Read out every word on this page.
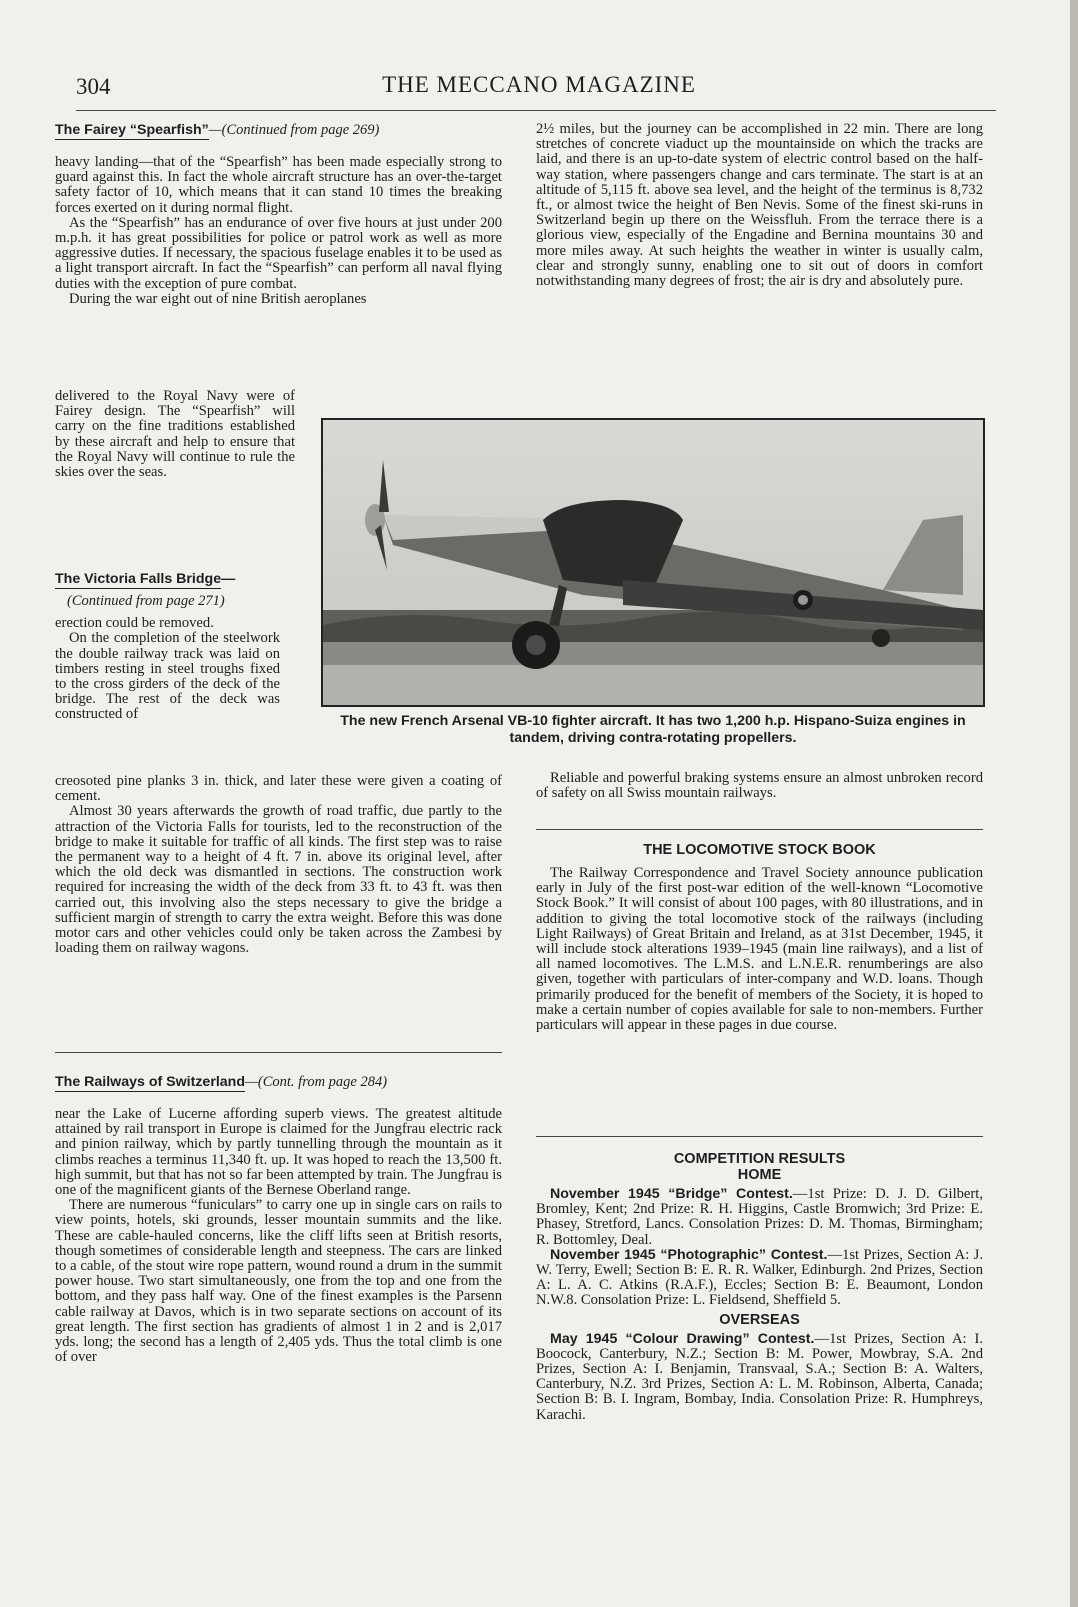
304	THE MECCANO MAGAZINE
The Fairey “Spearfish”—(Continued from page 269)

heavy landing—that of the “Spearfish” has been made especially strong to guard against this. In fact the whole aircraft structure has an over-the-target safety factor of 10, which means that it can stand 10 times the breaking forces exerted on it during normal flight.

As the “Spearfish” has an endurance of over five hours at just under 200 m.p.h. it has great possibilities for police or patrol work as well as more aggressive duties. If necessary, the spacious fuselage enables it to be used as a light transport aircraft. In fact the “Spearfish” can perform all naval flying duties with the exception of pure combat.

During the war eight out of nine British aeroplanes

delivered to the Royal Navy were of Fairey design. The “Spearfish” will carry on the fine traditions established by these aircraft and help to ensure that the Royal Navy will continue to rule the skies over the seas.

The Victoria Falls Bridge—
(Continued from page 271)

erection could be removed.

On the completion of the steelwork the double railway track was laid on timbers resting in steel troughs fixed to the cross girders of the deck of the bridge. The rest of the deck was constructed of

creosoted pine planks 3 in. thick, and later these were given a coating of cement.

Almost 30 years afterwards the growth of road traffic, due partly to the attraction of the Victoria Falls for tourists, led to the reconstruction of the bridge to make it suitable for traffic of all kinds. The first step was to raise the permanent way to a height of 4 ft. 7 in. above its original level, after which the old deck was dismantled in sections. The construction work required for increasing the width of the deck from 33 ft. to 43 ft. was then carried out, this involving also the steps necessary to give the bridge a sufficient margin of strength to carry the extra weight. Before this was done motor cars and other vehicles could only be taken across the Zambesi by loading them on railway wagons.

The Railways of Switzerland—(Cont. from page 284)

near the Lake of Lucerne affording superb views. The greatest altitude attained by rail transport in Europe is claimed for the Jungfrau electric rack and pinion railway, which by partly tunnelling through the mountain as it climbs reaches a terminus 11,340 ft. up. It was hoped to reach the 13,500 ft. high summit, but that has not so far been attempted by train. The Jungfrau is one of the magnificent giants of the Bernese Oberland range.

There are numerous “funiculars” to carry one up in single cars on rails to view points, hotels, ski grounds, lesser mountain summits and the like. These are cable-hauled concerns, like the cliff lifts seen at British resorts, though sometimes of considerable length and steepness. The cars are linked to a cable, of the stout wire rope pattern, wound round a drum in the summit power house. Two start simultaneously, one from the top and one from the bottom, and they pass half way. One of the finest examples is the Parsenn cable railway at Davos, which is in two separate sections on account of its great length. The first section has gradients of almost 1 in 2 and is 2,017 yds. long; the second has a length of 2,405 yds. Thus the total climb is one of over

2½ miles, but the journey can be accomplished in 22 min. There are long stretches of concrete viaduct up the mountainside on which the tracks are laid, and there is an up-to-date system of electric control based on the half-way station, where passengers change and cars terminate. The start is at an altitude of 5,115 ft. above sea level, and the height of the terminus is 8,732 ft., or almost twice the height of Ben Nevis. Some of the finest ski-runs in Switzerland begin up there on the Weissfluh. From the terrace there is a glorious view, especially of the Engadine and Bernina mountains 30 and more miles away. At such heights the weather in winter is usually calm, clear and strongly sunny, enabling one to sit out of doors in comfort notwithstanding many degrees of frost; the air is dry and absolutely pure.

The new French Arsenal VB-10 fighter aircraft. It has two 1,200 h.p. Hispano-Suiza engines in tandem, driving contra-rotating propellers.

Reliable and powerful braking systems ensure an almost unbroken record of safety on all Swiss mountain railways.

THE LOCOMOTIVE STOCK BOOK

The Railway Correspondence and Travel Society announce publication early in July of the first post-war edition of the well-known “Locomotive Stock Book.” It will consist of about 100 pages, with 80 illustrations, and in addition to giving the total locomotive stock of the railways (including Light Railways) of Great Britain and Ireland, as at 31st December, 1945, it will include stock alterations 1939–1945 (main line railways), and a list of all named locomotives. The L.M.S. and L.N.E.R. renumberings are also given, together with particulars of inter-company and W.D. loans. Though primarily produced for the benefit of members of the Society, it is hoped to make a certain number of copies available for sale to non-members. Further particulars will appear in these pages in due course.

COMPETITION RESULTS
HOME

November 1945 “Bridge” Contest.—1st Prize: D. J. D. Gilbert, Bromley, Kent; 2nd Prize: R. H. Higgins, Castle Bromwich; 3rd Prize: E. Phasey, Stretford, Lancs. Consolation Prizes: D. M. Thomas, Birmingham; R. Bottomley, Deal.

November 1945 “Photographic” Contest.—1st Prizes, Section A: J. W. Terry, Ewell; Section B: E. R. R. Walker, Edinburgh. 2nd Prizes, Section A: L. A. C. Atkins (R.A.F.), Eccles; Section B: E. Beaumont, London N.W.8. Consolation Prize: L. Fieldsend, Sheffield 5.

OVERSEAS

May 1945 “Colour Drawing” Contest.—1st Prizes, Section A: I. Boocock, Canterbury, N.Z.; Section B: M. Power, Mowbray, S.A. 2nd Prizes, Section A: I. Benjamin, Transvaal, S.A.; Section B: A. Walters, Canterbury, N.Z. 3rd Prizes, Section A: L. M. Robinson, Alberta, Canada; Section B: B. I. Ingram, Bombay, India. Consolation Prize: R. Humphreys, Karachi.
